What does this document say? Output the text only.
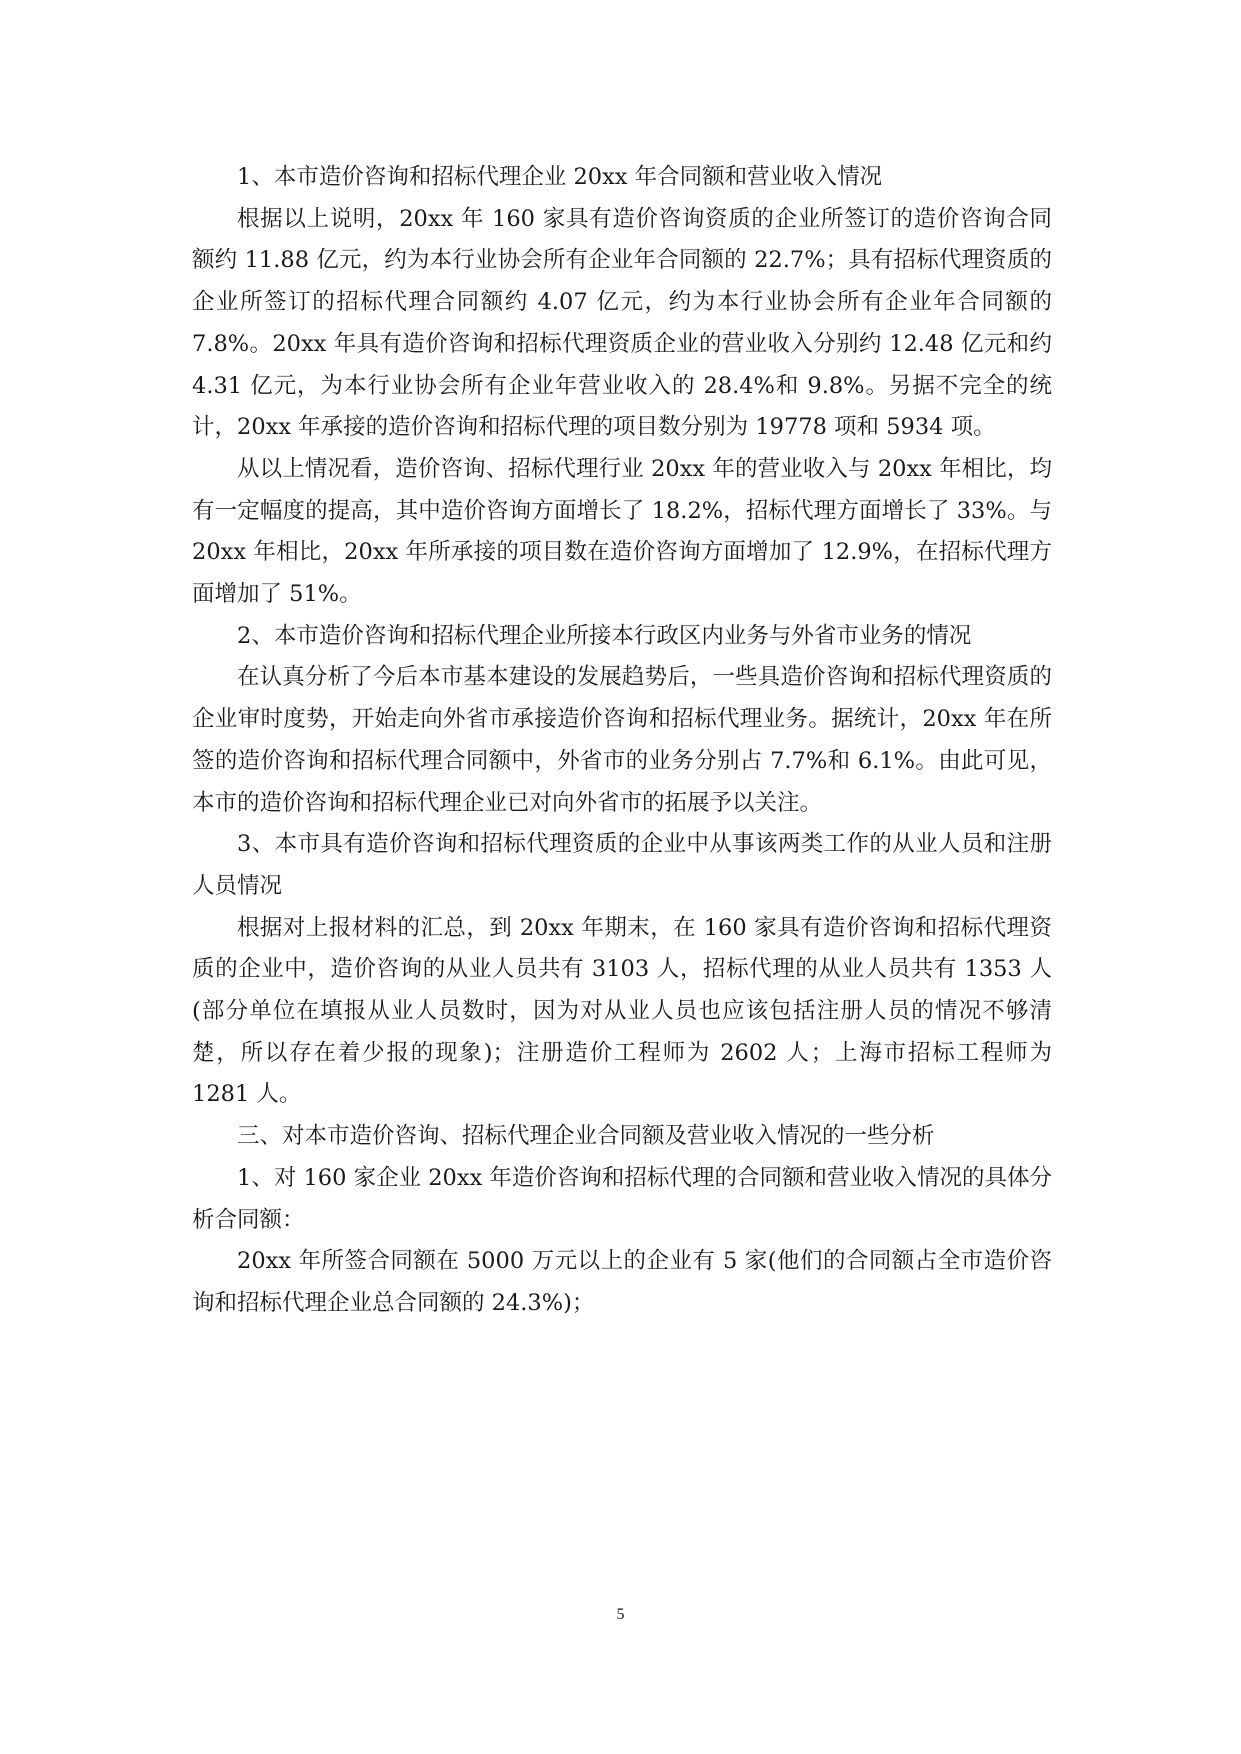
1、本市造价咨询和招标代理企业 20xx 年合同额和营业收入情况

根据以上说明，20xx 年 160 家具有造价咨询资质的企业所签订的造价咨询合同额约 11.88 亿元，约为本行业协会所有企业年合同额的 22.7%；具有招标代理资质的企业所签订的招标代理合同额约 4.07 亿元，约为本行业协会所有企业年合同额的 7.8%。20xx 年具有造价咨询和招标代理资质企业的营业收入分别约 12.48 亿元和约 4.31 亿元，为本行业协会所有企业年营业收入的 28.4%和 9.8%。另据不完全的统计，20xx 年承接的造价咨询和招标代理的项目数分别为 19778 项和 5934 项。

从以上情况看，造价咨询、招标代理行业 20xx 年的营业收入与 20xx 年相比，均有一定幅度的提高，其中造价咨询方面增长了 18.2%，招标代理方面增长了 33%。与 20xx 年相比，20xx 年所承接的项目数在造价咨询方面增加了 12.9%，在招标代理方面增加了 51%。

2、本市造价咨询和招标代理企业所接本行政区内业务与外省市业务的情况

在认真分析了今后本市基本建设的发展趋势后，一些具造价咨询和招标代理资质的企业审时度势，开始走向外省市承接造价咨询和招标代理业务。据统计，20xx 年在所签的造价咨询和招标代理合同额中，外省市的业务分别占 7.7%和 6.1%。由此可见，本市的造价咨询和招标代理企业已对向外省市的拓展予以关注。

3、本市具有造价咨询和招标代理资质的企业中从事该两类工作的从业人员和注册人员情况

根据对上报材料的汇总，到 20xx 年期末，在 160 家具有造价咨询和招标代理资质的企业中，造价咨询的从业人员共有 3103 人，招标代理的从业人员共有 1353 人(部分单位在填报从业人员数时，因为对从业人员也应该包括注册人员的情况不够清楚，所以存在着少报的现象)；注册造价工程师为 2602 人；上海市招标工程师为 1281 人。

三、对本市造价咨询、招标代理企业合同额及营业收入情况的一些分析

1、对 160 家企业 20xx 年造价咨询和招标代理的合同额和营业收入情况的具体分析合同额：

20xx 年所签合同额在 5000 万元以上的企业有 5 家(他们的合同额占全市造价咨询和招标代理企业总合同额的 24.3%)；

5
